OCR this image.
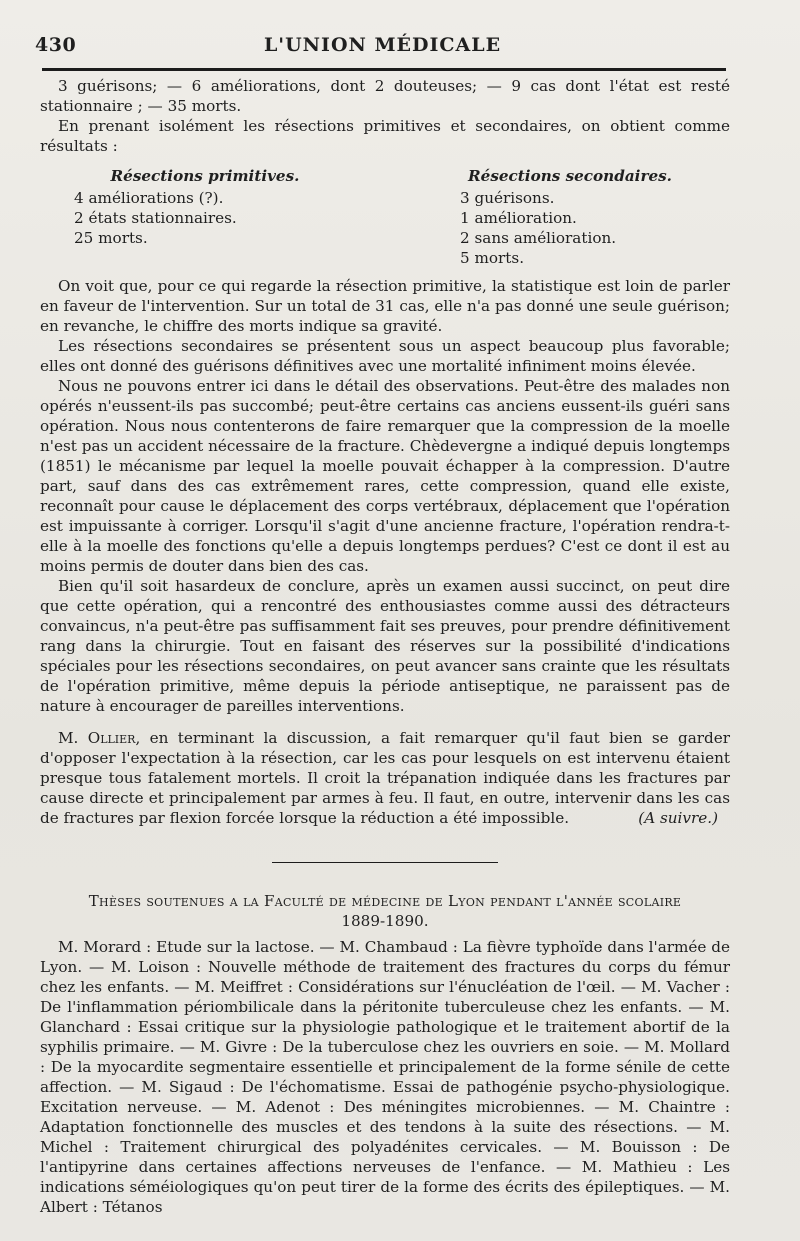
430	L'UNION MÉDICALE

3 guérisons; — 6 améliorations, dont 2 douteuses; — 9 cas dont l'état est resté stationnaire ; — 35 morts.

En prenant isolément les résections primitives et secondaires, on obtient comme résultats :

Résections primitives.
4 améliorations (?).
2 états stationnaires.
25 morts.
Résections secondaires.
3 guérisons.
1 amélioration.
2 sans amélioration.
5 morts.

On voit que, pour ce qui regarde la résection primitive, la statistique est loin de parler en faveur de l'intervention. Sur un total de 31 cas, elle n'a pas donné une seule guérison; en revanche, le chiffre des morts indique sa gravité.

Les résections secondaires se présentent sous un aspect beaucoup plus favorable; elles ont donné des guérisons définitives avec une mortalité infiniment moins élevée.

Nous ne pouvons entrer ici dans le détail des observations. Peut-être des malades non opérés n'eussent-ils pas succombé; peut-être certains cas anciens eussent-ils guéri sans opération. Nous nous contenterons de faire remarquer que la compression de la moelle n'est pas un accident nécessaire de la fracture. Chèdevergne a indiqué depuis longtemps (1851) le mécanisme par lequel la moelle pouvait échapper à la compression. D'autre part, sauf dans des cas extrêmement rares, cette compression, quand elle existe, reconnaît pour cause le déplacement des corps vertébraux, déplacement que l'opération est impuissante à corriger. Lorsqu'il s'agit d'une ancienne fracture, l'opération rendra-t-elle à la moelle des fonctions qu'elle a depuis longtemps perdues? C'est ce dont il est au moins permis de douter dans bien des cas.

Bien qu'il soit hasardeux de conclure, après un examen aussi succinct, on peut dire que cette opération, qui a rencontré des enthousiastes comme aussi des détracteurs convaincus, n'a peut-être pas suffisamment fait ses preuves, pour prendre définitivement rang dans la chirurgie. Tout en faisant des réserves sur la possibilité d'indications spéciales pour les résections secondaires, on peut avancer sans crainte que les résultats de l'opération primitive, même depuis la période antiseptique, ne paraissent pas de nature à encourager de pareilles interventions.

M. Ollier, en terminant la discussion, a fait remarquer qu'il faut bien se garder d'opposer l'expectation à la résection, car les cas pour lesquels on est intervenu étaient presque tous fatalement mortels. Il croit la trépanation indiquée dans les fractures par cause directe et principalement par armes à feu. Il faut, en outre, intervenir dans les cas de fractures par flexion forcée lorsque la réduction a été impossible.	(A suivre.)

Thèses soutenues a la Faculté de médecine de Lyon pendant l'année scolaire
1889-1890.

M. Morard : Etude sur la lactose. — M. Chambaud : La fièvre typhoïde dans l'armée de Lyon. — M. Loison : Nouvelle méthode de traitement des fractures du corps du fémur chez les enfants. — M. Meiffret : Considérations sur l'énucléation de l'œil. — M. Vacher : De l'inflammation périombilicale dans la péritonite tuberculeuse chez les enfants. — M. Glanchard : Essai critique sur la physiologie pathologique et le traitement abortif de la syphilis primaire. — M. Givre : De la tuberculose chez les ouvriers en soie. — M. Mollard : De la myocardite segmentaire essentielle et principalement de la forme sénile de cette affection. — M. Sigaud : De l'échomatisme. Essai de pathogénie psycho-physiologique. Excitation nerveuse. — M. Adenot : Des méningites microbiennes. — M. Chaintre : Adaptation fonctionnelle des muscles et des tendons à la suite des résections. — M. Michel : Traitement chirurgical des polyadénites cervicales. — M. Bouisson : De l'antipyrine dans certaines affections nerveuses de l'enfance. — M. Mathieu : Les indications séméiologiques qu'on peut tirer de la forme des écrits des épileptiques. — M. Albert : Tétanos
